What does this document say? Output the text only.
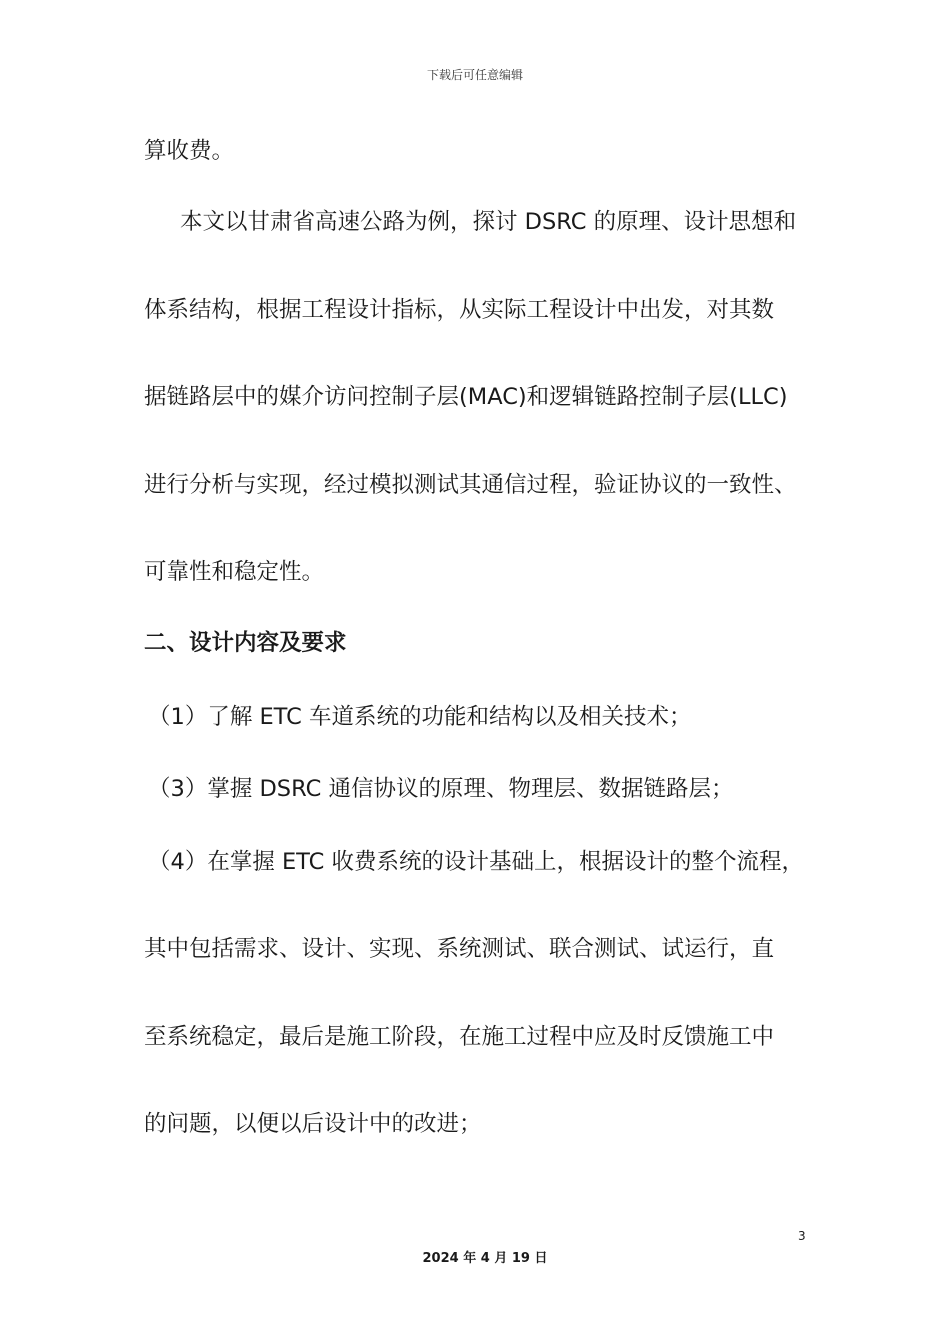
下载后可任意编辑
算收费。
本文以甘肃省高速公路为例，探讨 DSRC 的原理、设计思想和
体系结构，根据工程设计指标，从实际工程设计中出发，对其数
据链路层中的媒介访问控制子层(MAC)和逻辑链路控制子层(LLC)
进行分析与实现，经过模拟测试其通信过程，验证协议的一致性、
可靠性和稳定性。
二、设计内容及要求
（1）了解 ETC 车道系统的功能和结构以及相关技术；
（3）掌握 DSRC 通信协议的原理、物理层、数据链路层；
（4）在掌握 ETC 收费系统的设计基础上，根据设计的整个流程，
其中包括需求、设计、实现、系统测试、联合测试、试运行，直
至系统稳定，最后是施工阶段，在施工过程中应及时反馈施工中
的问题，以便以后设计中的改进；
3
2024 年 4 月 19 日
